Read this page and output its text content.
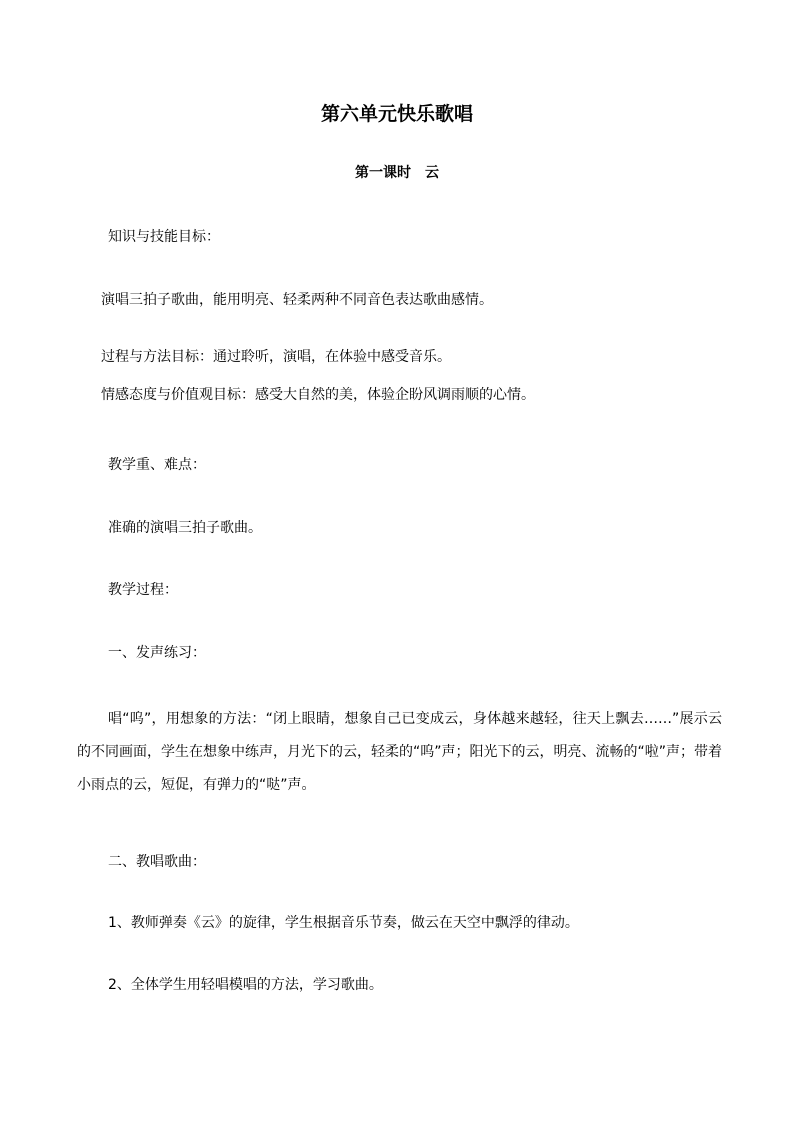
第六单元快乐歌唱
第一课时　云
知识与技能目标：
演唱三拍子歌曲，能用明亮、轻柔两种不同音色表达歌曲感情。
过程与方法目标：通过聆听，演唱，在体验中感受音乐。
情感态度与价值观目标：感受大自然的美，体验企盼风调雨顺的心情。
教学重、难点：
准确的演唱三拍子歌曲。
教学过程：
一、发声练习：
唱“呜”，用想象的方法：“闭上眼睛，想象自己已变成云，身体越来越轻，往天上飘去……”展示云的不同画面，学生在想象中练声，月光下的云，轻柔的“呜”声；阳光下的云，明亮、流畅的“啦”声；带着小雨点的云，短促，有弹力的“哒”声。
二、教唱歌曲：
1、教师弹奏《云》的旋律，学生根据音乐节奏，做云在天空中飘浮的律动。
2、全体学生用轻唱模唱的方法，学习歌曲。
